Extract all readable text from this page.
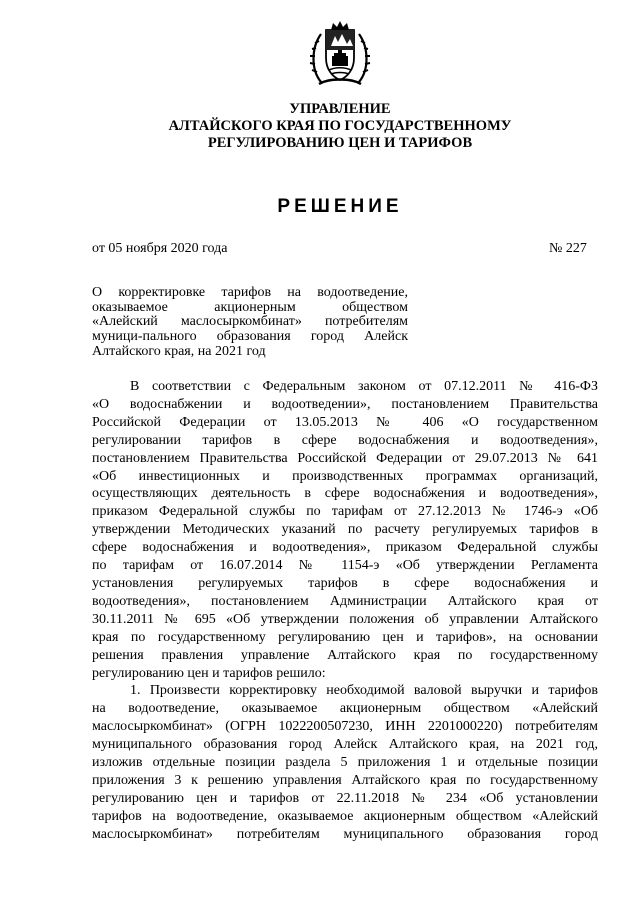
УПРАВЛЕНИЕ
АЛТАЙСКОГО КРАЯ ПО ГОСУДАРСТВЕННОМУ
РЕГУЛИРОВАНИЮ ЦЕН И ТАРИФОВ
РЕШЕНИЕ
от 05 ноября 2020 года	№ 227
О корректировке тарифов на водоотведение,
оказываемое акционерным обществом
«Алейский маслосыркомбинат» потребителям
муници-пального образования город Алейск
Алтайского края, на 2021 год
В соответствии с Федеральным законом от 07.12.2011 № 416-ФЗ
«О водоснабжении и водоотведении», постановлением Правительства
Российской Федерации от 13.05.2013 № 406 «О государственном
регулировании тарифов в сфере водоснабжения и водоотведения»,
постановлением Правительства Российской Федерации от 29.07.2013 № 641
«Об инвестиционных и производственных программах организаций,
осуществляющих деятельность в сфере водоснабжения и водоотведения»,
приказом Федеральной службы по тарифам от 27.12.2013 № 1746-э «Об
утверждении Методических указаний по расчету регулируемых тарифов в
сфере водоснабжения и водоотведения», приказом Федеральной службы
по тарифам от 16.07.2014 № 1154-э «Об утверждении Регламента
установления регулируемых тарифов в сфере водоснабжения и
водоотведения», постановлением Администрации Алтайского края от
30.11.2011 № 695 «Об утверждении положения об управлении Алтайского
края по государственному регулированию цен и тарифов», на основании
решения правления управление Алтайского края по государственному
регулированию цен и тарифов решило:
1. Произвести корректировку необходимой валовой выручки и тарифов
на водоотведение, оказываемое акционерным обществом «Алейский
маслосыркомбинат» (ОГРН 1022200507230, ИНН 2201000220) потребителям
муниципального образования город Алейск Алтайского края, на 2021 год,
изложив отдельные позиции раздела 5 приложения 1 и отдельные позиции
приложения 3 к решению управления Алтайского края по государственному
регулированию цен и тарифов от 22.11.2018 № 234 «Об установлении
тарифов на водоотведение, оказываемое акционерным обществом «Алейский
маслосыркомбинат» потребителям муниципального образования город
